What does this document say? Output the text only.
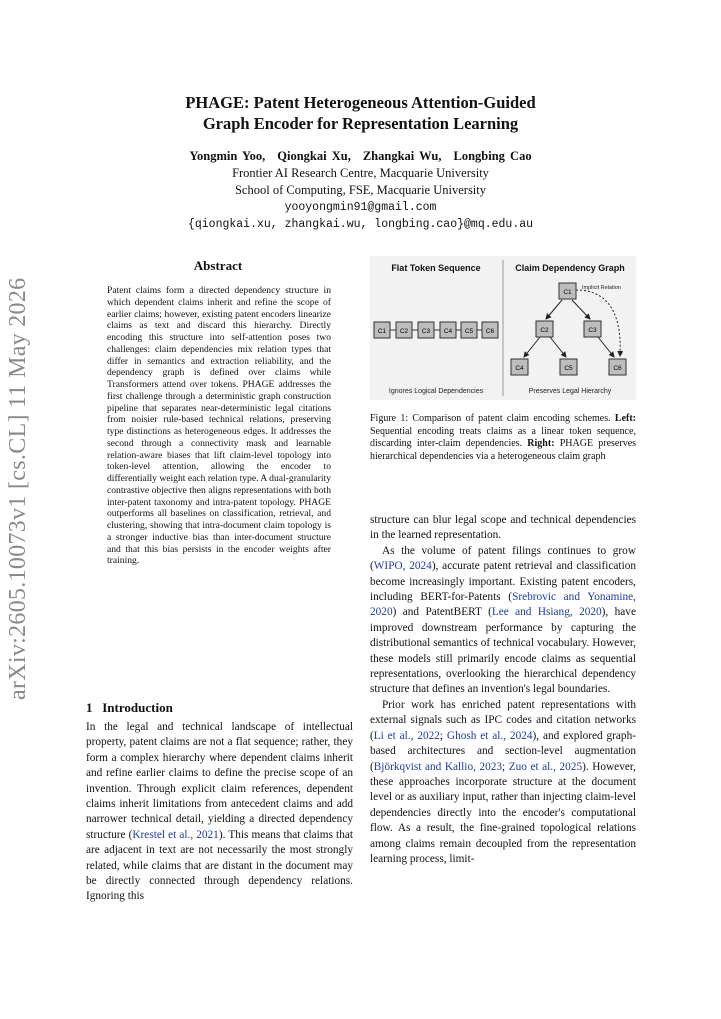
arXiv:2605.10073v1 [cs.CL] 11 May 2026
PHAGE: Patent Heterogeneous Attention-Guided
Graph Encoder for Representation Learning
Yongmin Yoo, Qiongkai Xu, Zhangkai Wu, Longbing Cao
Frontier AI Research Centre, Macquarie University
School of Computing, FSE, Macquarie University
yooyongmin91@gmail.com
{qiongkai.xu, zhangkai.wu, longbing.cao}@mq.edu.au
Abstract
Patent claims form a directed dependency structure in which dependent claims inherit and refine the scope of earlier claims; however, existing patent encoders linearize claims as text and discard this hierarchy. Directly encoding this structure into self-attention poses two challenges: claim dependencies mix relation types that differ in semantics and extraction reliability, and the dependency graph is defined over claims while Transformers attend over tokens. PHAGE addresses the first challenge through a deterministic graph construction pipeline that separates near-deterministic legal citations from noisier rule-based technical relations, preserving type distinctions as heterogeneous edges. It addresses the second through a connectivity mask and learnable relation-aware biases that lift claim-level topology into token-level attention, allowing the encoder to differentially weight each relation type. A dual-granularity contrastive objective then aligns representations with both inter-patent taxonomy and intra-patent topology. PHAGE outperforms all baselines on classification, retrieval, and clustering, showing that intra-document claim topology is a stronger inductive bias than inter-document structure and that this bias persists in the encoder weights after training.
Flat Token Sequence	Claim Dependency Graph
C1 C2 C3 C4 C5 C6
Implicit Relation
C1
C2	C3
C4	C5	C6
Ignores Logical Dependencies	Preserves Legal Hierarchy
Figure 1: Comparison of patent claim encoding schemes. Left: Sequential encoding treats claims as a linear token sequence, discarding inter-claim dependencies. Right: PHAGE preserves hierarchical dependencies via a heterogeneous claim graph
1 Introduction

In the legal and technical landscape of intellectual property, patent claims are not a flat sequence; rather, they form a complex hierarchy where dependent claims inherit and refine earlier claims to define the precise scope of an invention. Through explicit claim references, dependent claims inherit limitations from antecedent claims and add narrower technical detail, yielding a directed dependency structure (Krestel et al., 2021). This means that claims that are adjacent in text are not necessarily the most strongly related, while claims that are distant in the document may be directly connected through dependency relations. Ignoring this

structure can blur legal scope and technical dependencies in the learned representation.

As the volume of patent filings continues to grow (WIPO, 2024), accurate patent retrieval and classification become increasingly important. Existing patent encoders, including BERT-for-Patents (Srebrovic and Yonamine, 2020) and PatentBERT (Lee and Hsiang, 2020), have improved downstream performance by capturing the distributional semantics of technical vocabulary. However, these models still primarily encode claims as sequential representations, overlooking the hierarchical dependency structure that defines an invention's legal boundaries.

Prior work has enriched patent representations with external signals such as IPC codes and citation networks (Li et al., 2022; Ghosh et al., 2024), and explored graph-based architectures and section-level augmentation (Björkqvist and Kallio, 2023; Zuo et al., 2025). However, these approaches incorporate structure at the document level or as auxiliary input, rather than injecting claim-level dependencies directly into the encoder's computational flow. As a result, the fine-grained topological relations among claims remain decoupled from the representation learning process, limit-
